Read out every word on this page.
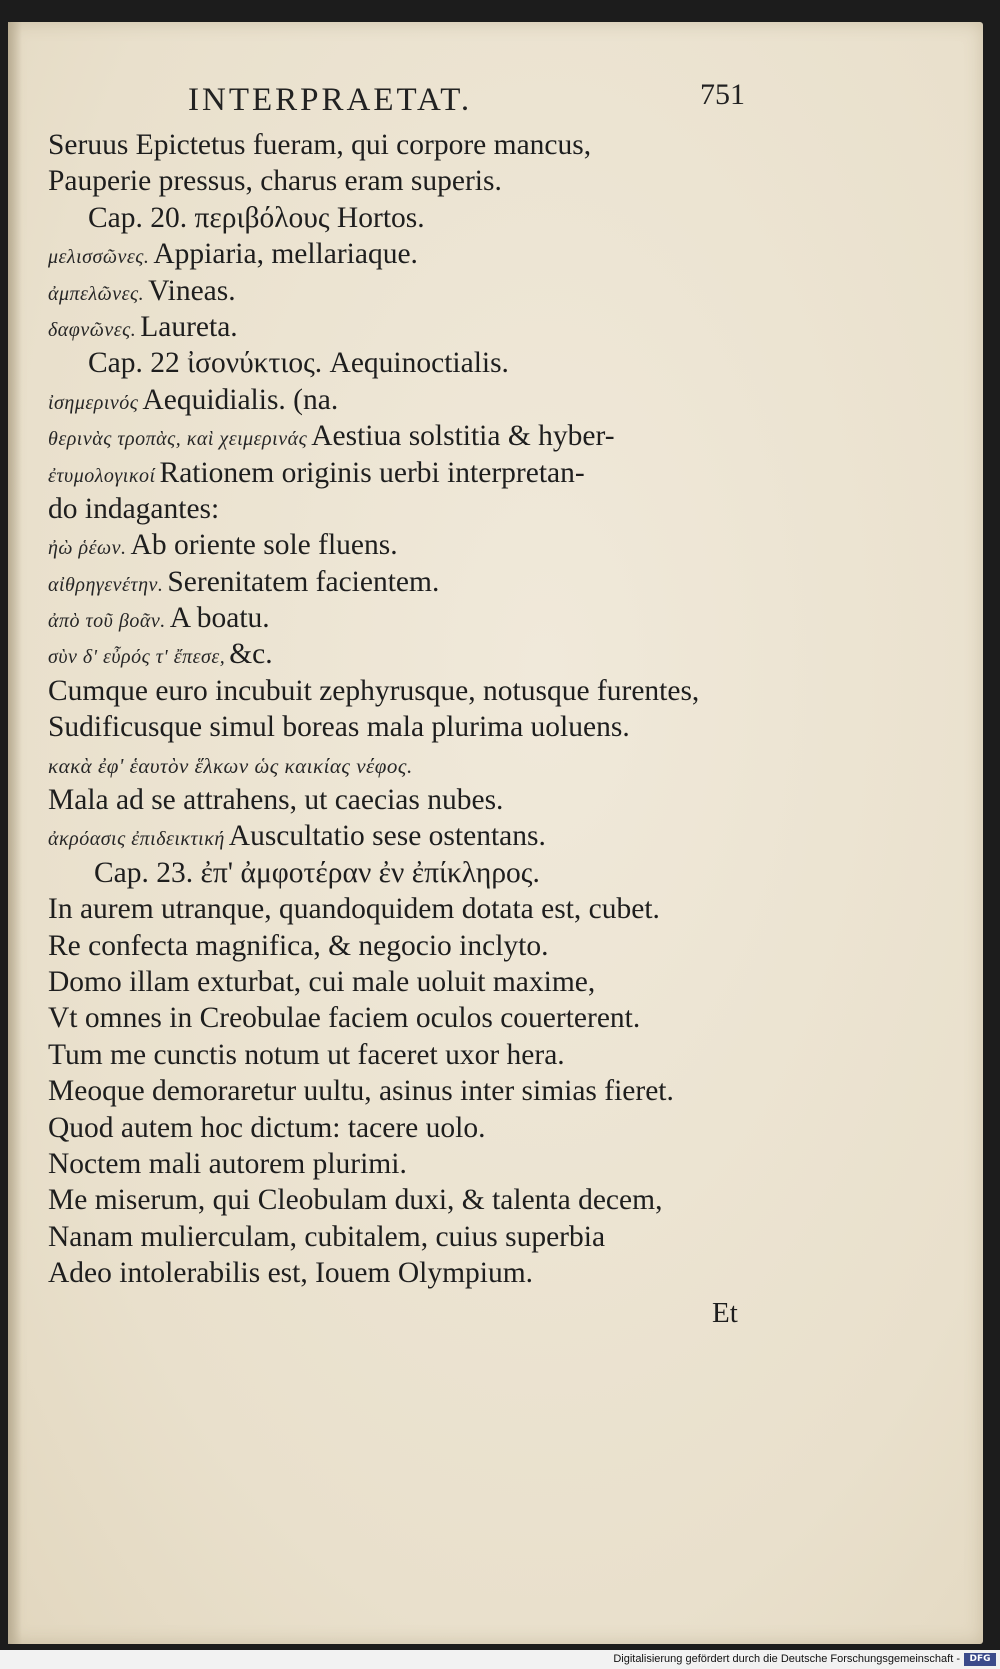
INTERPRAETAT.	751
Seruus Epictetus fueram, qui corpore mancus,
Pauperie pressus, charus eram superis.
Cap. 20. περιβόλους Hortos.
μελισσῶνες. Appiaria, mellariaque.
ἀμπελῶνες. Vineas.
δαφνῶνες. Laureta.
Cap. 22 ἰσονύκτιος. Aequinoctialis.
ἰσημερινός Aequidialis. (na.
θερινὰς τροπὰς, καὶ χειμερινάς Aestiua solstitia & hyber-
ἐτυμολογικοί Rationem originis uerbi interpretan-
do indagantes:
ἠὼ ῥέων. Ab oriente sole fluens.
αἰθρηγενέτην. Serenitatem facientem.
ἀπὸ τοῦ βοᾶν. A boatu.
σὺν δ' εὖρός τ' ἔπεσε, &c.
Cumque euro incubuit zephyrusque, notusque furentes,
Sudificusque simul boreas mala plurima uoluens.
κακὰ ἐφ' ἑαυτὸν ἕλκων ὡς καικίας νέφος.
Mala ad se attrahens, ut caecias nubes.
ἀκρόασις ἐπιδεικτική Auscultatio sese ostentans.
Cap. 23. ἐπ' ἀμφοτέραν ἐν ἐπίκληρος.
In aurem utranque, quandoquidem dotata est, cubet.
Re confecta magnifica, & negocio inclyto.
Domo illam exturbat, cui male uoluit maxime,
Vt omnes in Creobulae faciem oculos couerterent.
Tum me cunctis notum ut faceret uxor hera.
Meoque demoraretur uultu, asinus inter simias fieret.
Quod autem hoc dictum: tacere uolo.
Noctem mali autorem plurimi.
Me miserum, qui Cleobulam duxi, & talenta decem,
Nanam mulierculam, cubitalem, cuius superbia
Adeo intolerabilis est, Iouem Olympium.
Et
Digitalisierung gefördert durch die Deutsche Forschungsgemeinschaft -	DFG
